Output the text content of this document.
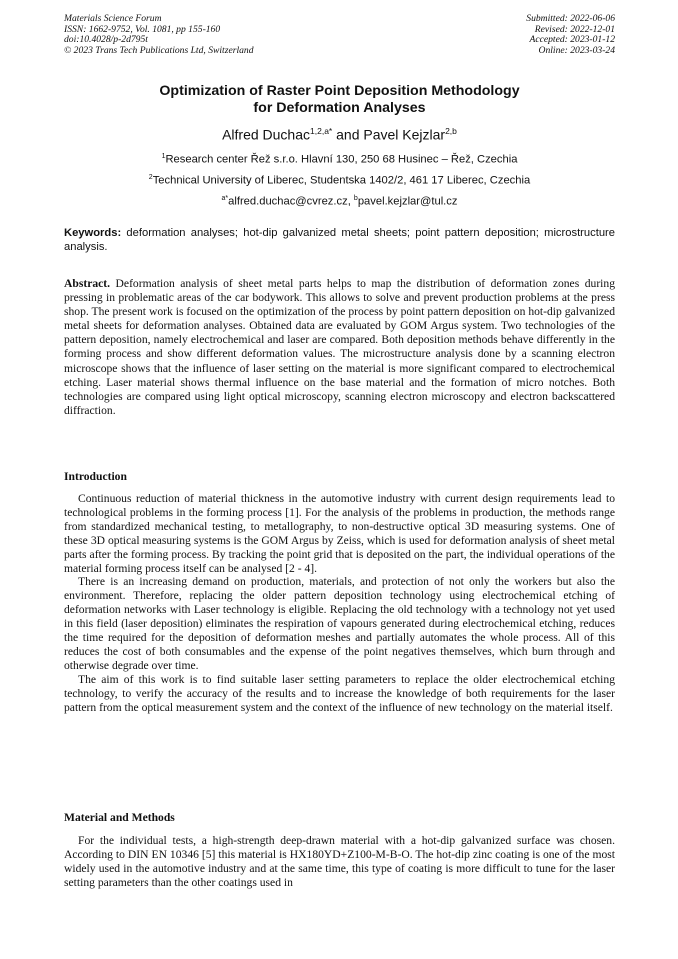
Materials Science Forum
ISSN: 1662-9752, Vol. 1081, pp 155-160
doi:10.4028/p-2d795t
© 2023 Trans Tech Publications Ltd, Switzerland
Submitted: 2022-06-06
Revised: 2022-12-01
Accepted: 2023-01-12
Online: 2023-03-24
Optimization of Raster Point Deposition Methodology
for Deformation Analyses
Alfred Duchac$^{1,2,a*}$ and Pavel Kejzlar$^{2,b}$
$^1$Research center Řež s.r.o. Hlavní 130, 250 68 Husinec – Řež, Czechia
$^2$Technical University of Liberec, Studentska 1402/2, 461 17 Liberec, Czechia
$^{a*}$alfred.duchac@cvrez.cz, $^b$pavel.kejzlar@tul.cz
Keywords: deformation analyses; hot-dip galvanized metal sheets; point pattern deposition; microstructure analysis.
Abstract. Deformation analysis of sheet metal parts helps to map the distribution of deformation zones during pressing in problematic areas of the car bodywork. This allows to solve and prevent production problems at the press shop. The present work is focused on the optimization of the process by point pattern deposition on hot-dip galvanized metal sheets for deformation analyses. Obtained data are evaluated by GOM Argus system. Two technologies of the pattern deposition, namely electrochemical and laser are compared. Both deposition methods behave differently in the forming process and show different deformation values. The microstructure analysis done by a scanning electron microscope shows that the influence of laser setting on the material is more significant compared to electrochemical etching. Laser material shows thermal influence on the base material and the formation of micro notches. Both technologies are compared using light optical microscopy, scanning electron microscopy and electron backscattered diffraction.
Introduction

Continuous reduction of material thickness in the automotive industry with current design requirements lead to technological problems in the forming process [1]. For the analysis of the problems in production, the methods range from standardized mechanical testing, to metallography, to non-destructive optical 3D measuring systems. One of these 3D optical measuring systems is the GOM Argus by Zeiss, which is used for deformation analysis of sheet metal parts after the forming process. By tracking the point grid that is deposited on the part, the individual operations of the material forming process itself can be analysed [2 - 4].

There is an increasing demand on production, materials, and protection of not only the workers but also the environment. Therefore, replacing the older pattern deposition technology using electrochemical etching of deformation networks with Laser technology is eligible. Replacing the old technology with a technology not yet used in this field (laser deposition) eliminates the respiration of vapours generated during electrochemical etching, reduces the time required for the deposition of deformation meshes and partially automates the whole process. All of this reduces the cost of both consumables and the expense of the point negatives themselves, which burn through and otherwise degrade over time.

The aim of this work is to find suitable laser setting parameters to replace the older electrochemical etching technology, to verify the accuracy of the results and to increase the knowledge of both requirements for the laser pattern from the optical measurement system and the context of the influence of new technology on the material itself.

Material and Methods

For the individual tests, a high-strength deep-drawn material with a hot-dip galvanized surface was chosen. According to DIN EN 10346 [5] this material is HX180YD+Z100-M-B-O. The hot-dip zinc coating is one of the most widely used in the automotive industry and at the same time, this type of coating is more difficult to tune for the laser setting parameters than the other coatings used in
